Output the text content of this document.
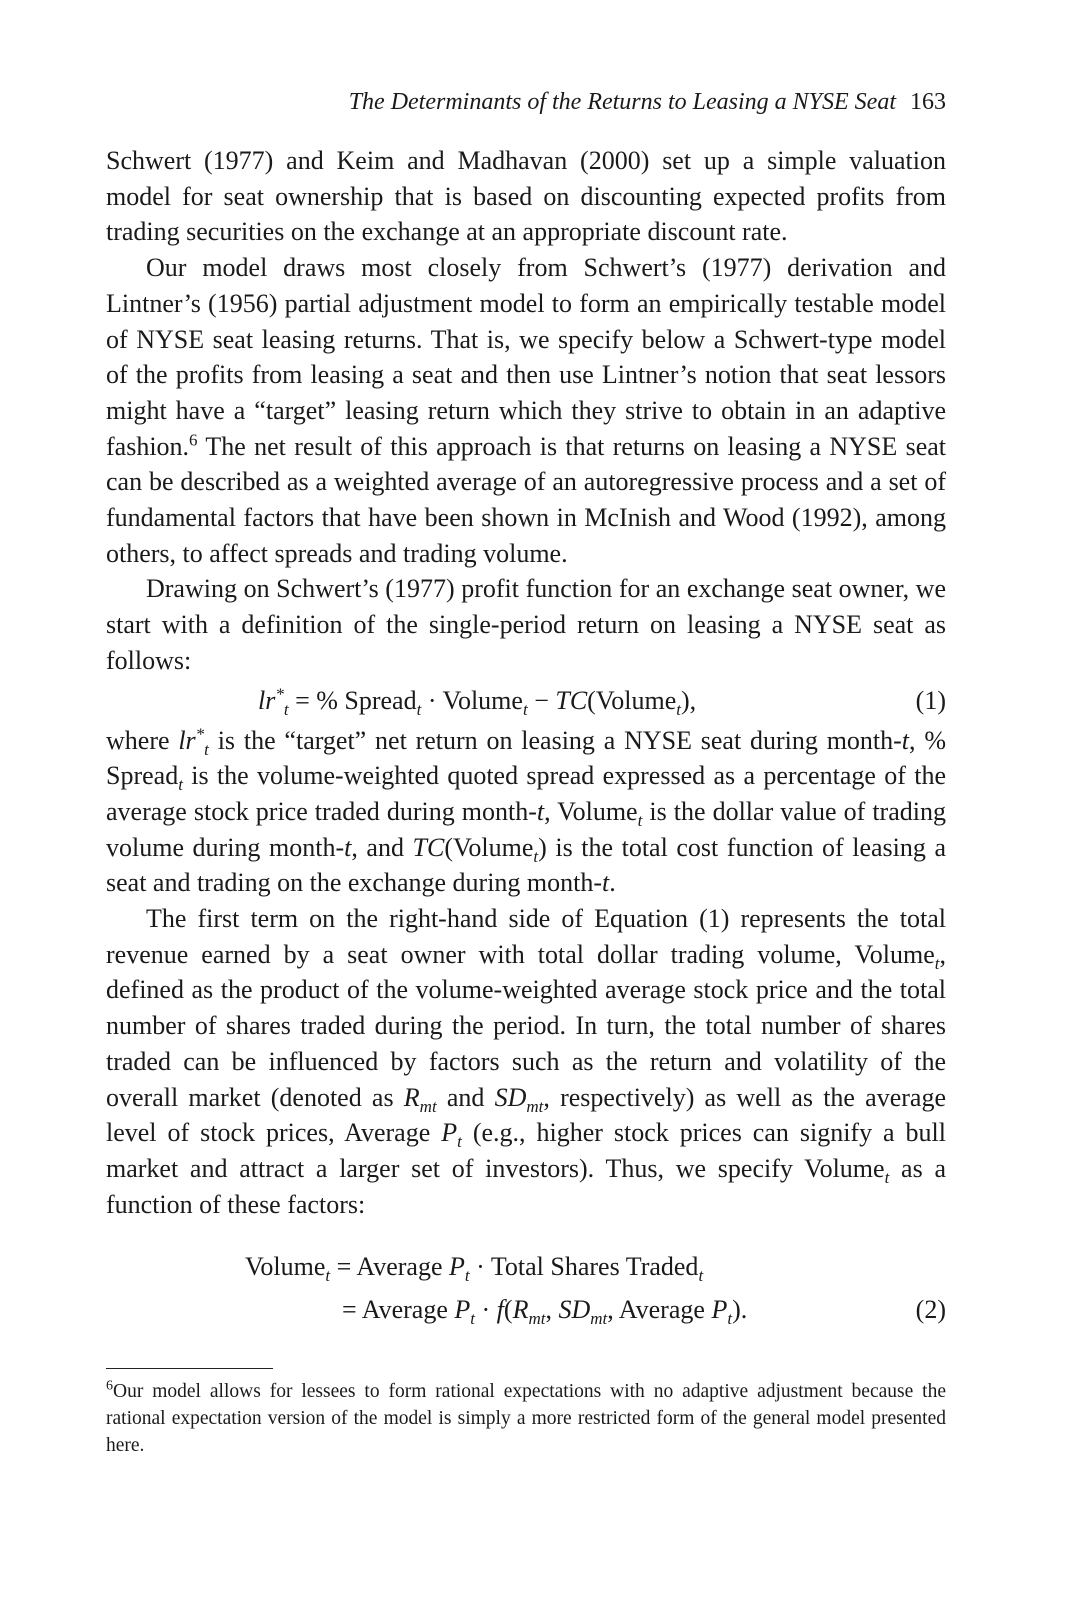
The Determinants of the Returns to Leasing a NYSE Seat 163

Schwert (1977) and Keim and Madhavan (2000) set up a simple valuation model for seat ownership that is based on discounting expected profits from trading securities on the exchange at an appropriate discount rate.

Our model draws most closely from Schwert’s (1977) derivation and Lintner’s (1956) partial adjustment model to form an empirically testable model of NYSE seat leasing returns. That is, we specify below a Schwert-type model of the profits from leasing a seat and then use Lintner’s notion that seat lessors might have a “target” leasing return which they strive to obtain in an adaptive fashion.$^6$ The net result of this approach is that returns on leasing a NYSE seat can be described as a weighted average of an autoregressive process and a set of fundamental factors that have been shown in McInish and Wood (1992), among others, to affect spreads and trading volume.

Drawing on Schwert’s (1977) profit function for an exchange seat owner, we start with a definition of the single-period return on leasing a NYSE seat as follows:

$lr^*_t$ = % Spread$_t$ · Volume$_t$ − TC(Volume$_t$),	(1)

where $lr^*_t$ is the “target” net return on leasing a NYSE seat during month-t, % Spread$_t$ is the volume-weighted quoted spread expressed as a percentage of the average stock price traded during month-t, Volume$_t$ is the dollar value of trading volume during month-t, and TC(Volume$_t$) is the total cost function of leasing a seat and trading on the exchange during month-t.

The first term on the right-hand side of Equation (1) represents the total revenue earned by a seat owner with total dollar trading volume, Volume$_t$, defined as the product of the volume-weighted average stock price and the total number of shares traded during the period. In turn, the total number of shares traded can be influenced by factors such as the return and volatility of the overall market (denoted as $R_{mt}$ and $SD_{mt}$, respectively) as well as the average level of stock prices, Average $P_t$ (e.g., higher stock prices can signify a bull market and attract a larger set of investors). Thus, we specify Volume$_t$ as a function of these factors:

Volume$_t$ = Average $P_t$ · Total Shares Traded$_t$
= Average $P_t \cdot f(R_{mt}$, $SD_{mt}$, Average $P_t$).	(2)
$^6$Our model allows for lessees to form rational expectations with no adaptive adjustment because the rational expectation version of the model is simply a more restricted form of the general model presented here.
